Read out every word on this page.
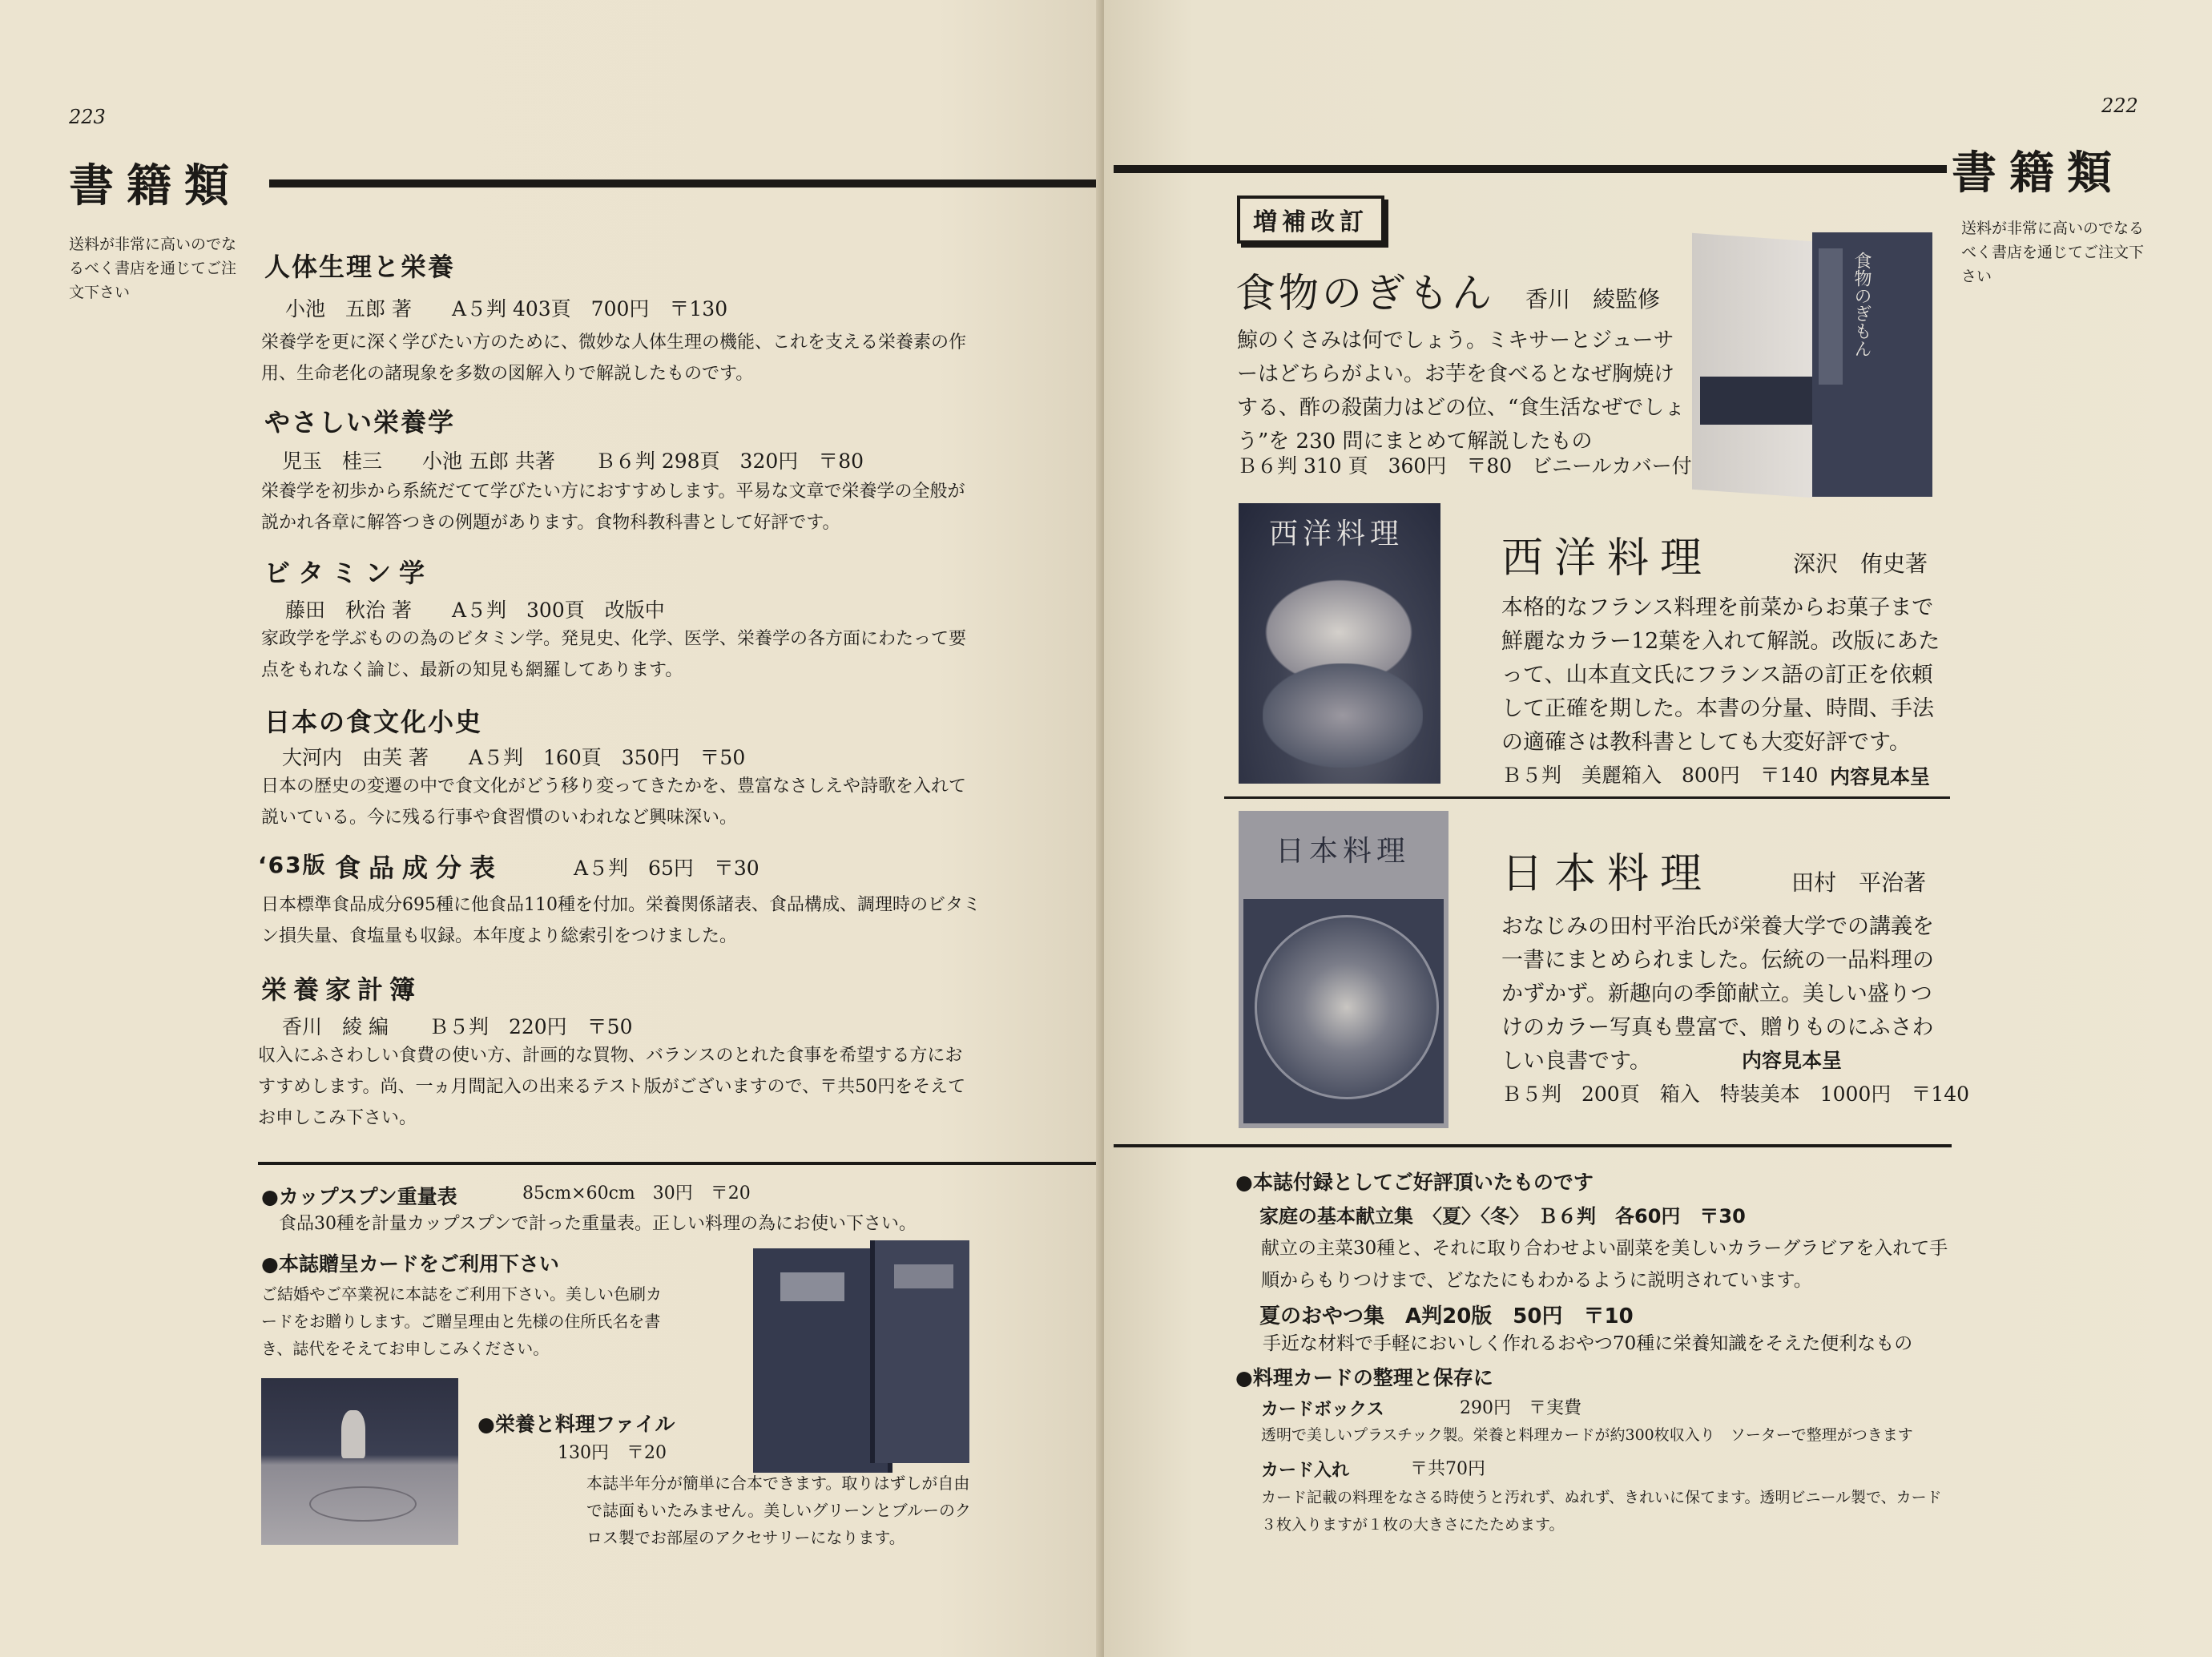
223
書籍類
送料が非常に高いのでなるべく書店を通じてご注文下さい
人体生理と栄養
小池　五郎 著　　A５判 403頁　700円　〒130
栄養学を更に深く学びたい方のために、微妙な人体生理の機能、これを支える栄養素の作用、生命老化の諸現象を多数の図解入りで解説したものです。
やさしい栄養学
児玉　桂三　　小池 五郎 共著　　Ｂ６判 298頁　320円　〒80
栄養学を初歩から系統だてて学びたい方におすすめします。平易な文章で栄養学の全般が説かれ各章に解答つきの例題があります。食物科教科書として好評です。
ビタミン学
藤田　秋治 著　　A５判　300頁　改版中
家政学を学ぶものの為のビタミン学。発見史、化学、医学、栄養学の各方面にわたって要点をもれなく論じ、最新の知見も網羅してあります。
日本の食文化小史
大河内　由芙 著　　A５判　160頁　350円　〒50
日本の歴史の変遷の中で食文化がどう移り変ってきたかを、豊富なさしえや詩歌を入れて説いている。今に残る行事や食習慣のいわれなど興味深い。
‘63版 食品成分表	A５判　65円　〒30
日本標準食品成分695種に他食品110種を付加。栄養関係諸表、食品構成、調理時のビタミン損失量、食塩量も収録。本年度より総索引をつけました。
栄養家計簿
香川　綾 編　　Ｂ５判　220円　〒50
収入にふさわしい食費の使い方、計画的な買物、バランスのとれた食事を希望する方におすすめします。尚、一ヵ月間記入の出来るテスト版がございますので、〒共50円をそえてお申しこみ下さい。
●カップスプン重量表	85cm×60cm　30円　〒20
食品30種を計量カップスプンで計った重量表。正しい料理の為にお使い下さい。
●本誌贈呈カードをご利用下さい
ご結婚やご卒業祝に本誌をご利用下さい。美しい色刷カードをお贈りします。ご贈呈理由と先様の住所氏名を書き、誌代をそえてお申しこみください。
●栄養と料理ファイル
130円　〒20
本誌半年分が簡単に合本できます。取りはずしが自由で誌面もいたみません。美しいグリーンとブルーのクロス製でお部屋のアクセサリーになります。
222
書籍類
送料が非常に高いのでなるべく書店を通じてご注文下さい
増補改訂
食物のぎもん 香川　綾監修
鯨のくさみは何でしょう。ミキサーとジューサーはどちらがよい。お芋を食べるとなぜ胸焼けする、酢の殺菌力はどの位、“食生活なぜでしょう”を 230 問にまとめて解説したもの
Ｂ６判 310 頁　360円　〒80　ビニールカバー付
食物のぎもん
西洋料理
西洋料理	深沢　侑史著
本格的なフランス料理を前菜からお菓子まで鮮麗なカラー12葉を入れて解説。改版にあたって、山本直文氏にフランス語の訂正を依頼して正確を期した。本書の分量、時間、手法の適確さは教科書としても大変好評です。
Ｂ５判　美麗箱入　800円　〒140 内容見本呈
日本料理 日本料理	田村　平治著
おなじみの田村平治氏が栄養大学での講義を一書にまとめられました。伝統の一品料理のかずかず。新趣向の季節献立。美しい盛りつけのカラー写真も豊富で、贈りものにふさわしい良書です。	内容見本呈
Ｂ５判　200頁　箱入　特装美本　1000円　〒140
●本誌付録としてご好評頂いたものです
家庭の基本献立集　〈夏〉〈冬〉　Ｂ６判　各60円　〒30
献立の主菜30種と、それに取り合わせよい副菜を美しいカラーグラビアを入れて手順からもりつけまで、どなたにもわかるように説明されています。
夏のおやつ集　A判20版　50円　〒10
手近な材料で手軽においしく作れるおやつ70種に栄養知識をそえた便利なもの
●料理カードの整理と保存に
カードボックス	290円　〒実費
透明で美しいプラスチック製。栄養と料理カードが約300枚収入り　ソーターで整理がつきます
カード入れ	〒共70円
カード記載の料理をなさる時使うと汚れず、ぬれず、きれいに保てます。透明ビニール製で、カード３枚入りますが１枚の大きさにたためます。
